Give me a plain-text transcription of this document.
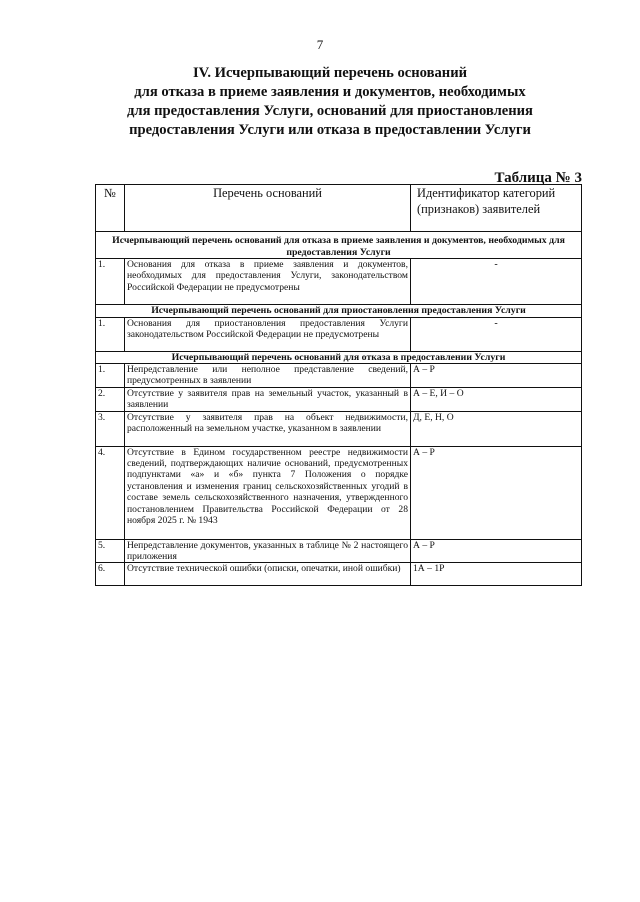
7
IV. Исчерпывающий перечень оснований
для отказа в приеме заявления и документов, необходимых
для предоставления Услуги, оснований для приостановления
предоставления Услуги или отказа в предоставлении Услуги
Таблица № 3
№	Перечень оснований	Идентификатор категорий (признаков) заявителей
Исчерпывающий перечень оснований для отказа в приеме заявления и документов, необходимых для предоставления Услуги		
1.	Основания для отказа в приеме заявления и документов, необходимых для предоставления Услуги, законодательством Российской Федерации не предусмотрены	-
Исчерпывающий перечень оснований для приостановления предоставления Услуги		
1.	Основания для приостановления предоставления Услуги законодательством Российской Федерации не предусмотрены	-
Исчерпывающий перечень оснований для отказа в предоставлении Услуги		
1.	Непредставление или неполное представление сведений, предусмотренных в заявлении	А – Р
2.	Отсутствие у заявителя прав на земельный участок, указанный в заявлении	А – Е, И – О
3.	Отсутствие у заявителя прав на объект недвижимости, расположенный на земельном участке, указанном в заявлении	Д, Е, Н, О
4.	Отсутствие в Едином государственном реестре недвижимости сведений, подтверждающих наличие оснований, предусмотренных подпунктами «а» и «б» пункта 7 Положения о порядке установления и изменения границ сельскохозяйственных угодий в составе земель сельскохозяйственного назначения, утвержденного постановлением Правительства Российской Федерации от 28 ноября 2025 г. № 1943	А – Р
5.	Непредставление документов, указанных в таблице № 2 настоящего приложения	А – Р
6.	Отсутствие технической ошибки (описки, опечатки, иной ошибки)	1А – 1Р
